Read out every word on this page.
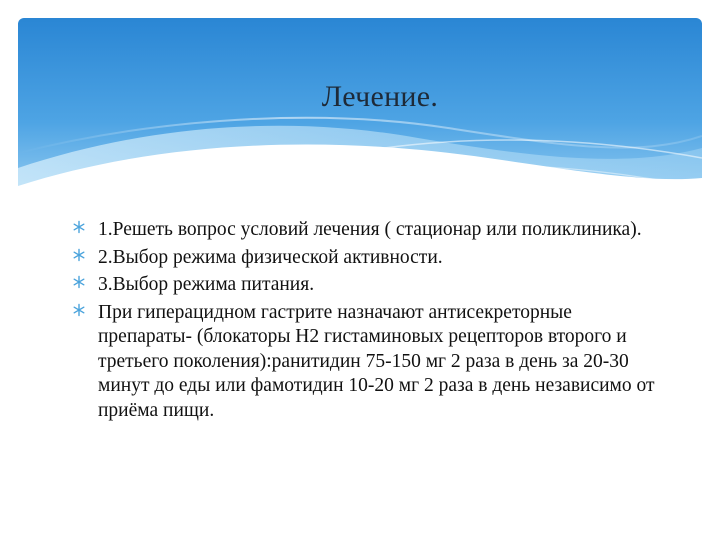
Лечение.
1.Решеть вопрос условий лечения ( стационар или поликлиника).
2.Выбор режима физической активности.
3.Выбор режима питания.
При гиперацидном гастрите назначают антисекреторные препараты- (блокаторы Н2 гистаминовых рецепторов второго и третьего поколения):ранитидин 75-150 мг 2 раза в день за 20-30 минут до еды или фамотидин 10-20 мг 2 раза в день независимо от приёма пищи.
